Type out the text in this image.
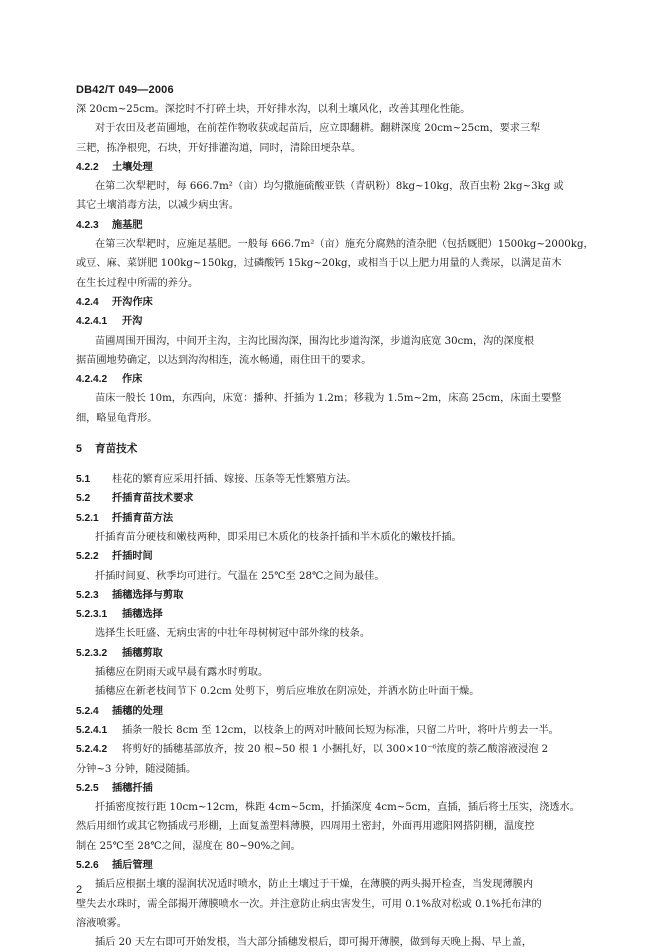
DB42/T 049—2006
深 20cm~25cm。深挖时不打碎土块，开好排水沟，以利土壤风化，改善其理化性能。
对于农田及老苗圃地，在前茬作物收获或起苗后，应立即翻耕。翻耕深度 20cm~25cm，要求三犁
三耙，拣净根兜，石块，开好排灌沟道，同时，清除田埂杂草。
4.2.2 土壤处理
在第二次犁耙时，每 666.7m²（亩）均匀撒施硫酸亚铁（青矾粉）8kg~10kg，敌百虫粉 2kg~3kg 或
其它土壤消毒方法，以减少病虫害。
4.2.3 施基肥
在第三次犁耙时，应施足基肥。一般每 666.7m²（亩）施充分腐熟的渣杂肥（包括厩肥）1500kg~2000kg，
或豆、麻、菜饼肥 100kg~150kg，过磷酸钙 15kg~20kg，或相当于以上肥力用量的人粪尿，以满足苗木
在生长过程中所需的养分。
4.2.4 开沟作床
4.2.4.1 开沟
苗圃周围开围沟，中间开主沟，主沟比围沟深，围沟比步道沟深，步道沟底宽 30cm，沟的深度根
据苗圃地势确定，以达到沟沟相连，流水畅通，雨住田干的要求。
4.2.4.2 作床
苗床一般长 10m，东西向，床宽：播种、扦插为 1.2m；移栽为 1.5m~2m，床高 25cm，床面土要整
细，略显龟背形。
5 育苗技术
5.1 桂花的繁育应采用扦插、嫁接、压条等无性繁殖方法。
5.2 扦插育苗技术要求
5.2.1 扦插育苗方法
扦插育苗分硬枝和嫩枝两种，即采用已木质化的枝条扦插和半木质化的嫩枝扦插。
5.2.2 扦插时间
扦插时间夏、秋季均可进行。气温在 25℃至 28℃之间为最佳。
5.2.3 插穗选择与剪取
5.2.3.1 插穗选择
选择生长旺盛、无病虫害的中壮年母树树冠中部外缘的枝条。
5.2.3.2 插穗剪取
插穗应在阴雨天或早晨有露水时剪取。
插穗应在新老枝间节下 0.2cm 处剪下，剪后应堆放在阴凉处，并洒水防止叶面干燥。
5.2.4 插穗的处理
5.2.4.1 插条一般长 8cm 至 12cm，以枝条上的两对叶腋间长短为标准，只留二片叶，将叶片剪去一半。
5.2.4.2 将剪好的插穗基部放齐，按 20 根~50 根 1 小捆扎好，以 300×10⁻⁶浓度的萘乙酸溶液浸泡 2
分钟~3 分钟，随浸随插。
5.2.5 插穗扦插
扦插密度按行距 10cm~12cm，株距 4cm~5cm，扦插深度 4cm~5cm，直插，插后将土压实，浇透水。
然后用细竹或其它物插成弓形棚，上面复盖塑料薄膜，四周用土密封，外面再用遮阳网搭阴棚，温度控
制在 25℃至 28℃之间，湿度在 80~90%之间。
5.2.6 插后管理
插后应根据土壤的湿润状况适时喷水，防止土壤过于干燥，在薄膜的两头揭开检查，当发现薄膜内
壁失去水珠时，需全部揭开薄膜喷水一次。并注意防止病虫害发生，可用 0.1%敌对松或 0.1%托布津的
溶液喷雾。
插后 20 天左右即可开始发根，当大部分插穗发根后，即可揭开薄膜，做到每天晚上揭、早上盖，
2
